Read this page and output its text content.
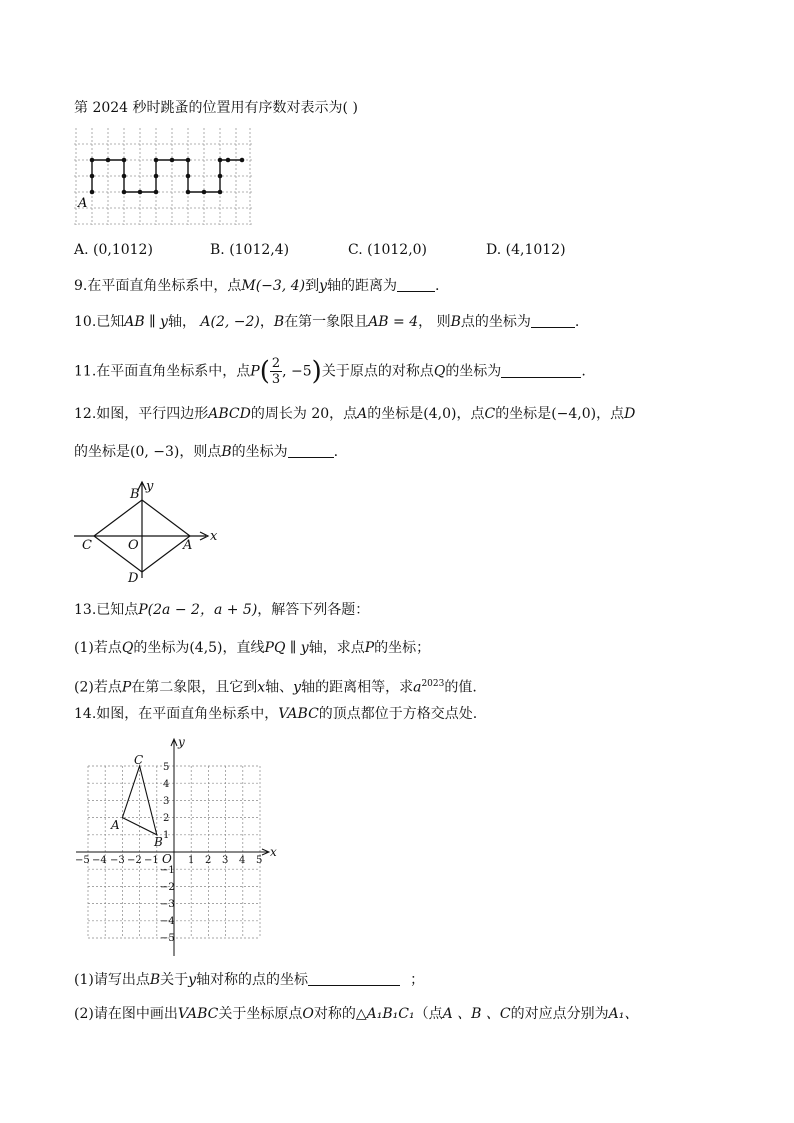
第 2024 秒时跳蚤的位置用有序数对表示为( )
A
A. (0,1012)	B. (1012,4)	C. (1012,0)	D. (4,1012)
9.在平面直角坐标系中，点M(−3, 4)到y轴的距离为	.
10.已知AB ∥ y轴， A(2, −2)，B在第一象限且AB = 4， 则B点的坐标为	.
11.在平面直角坐标系中，点$P( \frac{2}{3}$ , −5)关于原点的对称点Q的坐标为	.
12.如图，平行四边形ABCD的周长为 20，点A的坐标是(4,0)，点C的坐标是(−4,0)，点D
的坐标是(0, −3)，则点B的坐标为	.
B
y
C	O	A
x
D
13.已知点P(2a − 2，a + 5)，解答下列各题：
(1)若点Q的坐标为(4,5)，直线PQ ∥ y轴，求点P的坐标；
(2)若点P在第二象限，且它到x轴、y轴的距离相等，求$a^{2023}$的值.
14.如图，在平面直角坐标系中，VABC的顶点都位于方格交点处.
−5 −4 −3 −2 −1	1 2 3 4 5
5
4
3
2
1
−1
−2
−3
−4
−5
x
y
O
A
B
C
(1)请写出点B关于y轴对称的点的坐标	；
(2)请在图中画出VABC关于坐标原点O对称的△A₁B₁C₁（点A 、B 、C的对应点分别为A₁、
